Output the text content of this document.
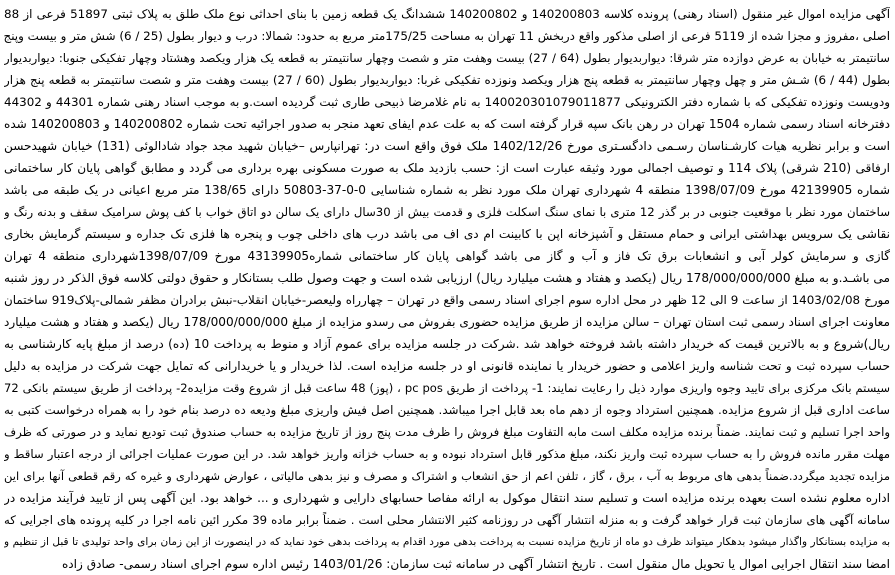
آگهی مزایده اموال غیر منقول (اسناد رهنی) پرونده کلاسه 140200803 و 140200802 ششدانگ یک قطعه زمین با بنای احداثی نوع ملک طلق به پلاک ثبتی 51897 فرعی از 88
اصلی ،مفروز و مجزا شده از 5119 فرعی از اصلی مذکور واقع دربخش 11 تهران به مساحت 175/25متر مربع به حدود: شمالا: درب و دیوار بطول (25 / 6) شش متر و بیست وپنج
سانتیمتر به خیابان به عرض دوازده متر شرقا: دیواربدیوار بطول (64 / 27) بیست وهفت متر و شصت وچهار سانتیمتر به قطعه یک هزار ویکصد وهشتاد وچهار تفکیکی جنوبا: دیواربدیوار
بطول (44 / 6) شـش متر و چهل وچهار سانتیمتر به قطعه پنج هزار ویکصد ونوزده تفکیکی غربا: دیواربدیوار بطول (60 / 27) بیست وهفت متر و شصت سانتیمتر به قطعه پنج هزار
ودویست ونوزده تفکیکی که با شماره دفتر الکترونیکی 140020301079011877 به نام غلامرضا ذبیحی طاری ثبت گردیده است.و به موجب اسناد رهنی شماره 44301 و 44302
دفترخانه اسناد رسمی شماره 1504 تهران در رهن بانک سپه قرار گرفته است که به علت عدم ایفای تعهد منجر به صدور اجرائیه تحت شماره 140200802 و 140200803 شده
است و برابر نظریه هیات کارشـناسان رسـمی دادگسـتری مورخ 1402/12/26 ملک فوق واقع است در: تهرانپارس –خیابان شهید مجد جواد شادالوئی (131) خیابان شهیدحسن
ارفاقی (210 شرقی) پلاک 114 و توصیف اجمالی مورد وثیقه عبارت است از: حسب بازدید ملک به صورت مسکونی بهره برداری می گردد و مطابق گواهی پایان کار ساختمانی
شماره 42139905 مورخ 1398/07/09 منطقه 4 شهرداری تهران ملک مورد نظر به شماره شناسایی 0-0-37-50803 دارای 138/65 متر مربع اعیانی در یک طبقه می باشد
ساختمان مورد نظر با موقعیت جنوبی در بر گذر 12 متری با نمای سنگ اسکلت فلزی و قدمت بیش از 30سال دارای یک سالن دو اتاق خواب با کف پوش سرامیک سقف و بدنه رنگ و
نقاشی یک سرویس بهداشتی ایرانی و حمام مستقل و آشپزخانه اپن با کابینت ام دی اف می باشد درب های داخلی چوب و پنجره ها فلزی تک جداره و سیستم گرمایش بخاری
گازی و سرمایش کولر آبی و انشعابات برق تک فاز و آب و گاز می باشد گواهی پایان کار ساختمانی شماره43139905 مورخ 1398/07/09شهرداری منطقه 4 تهران
می باشـد.و به مبلغ 178/000/000/000 ریال (یکصد و هفتاد و هشت میلیارد ریال) ارزیابی شده است و جهت وصول طلب بستانکار و حقوق دولتی کلاسه فوق الذکر در روز شنبه
مورخ 1403/02/08 از ساعت 9 الی 12 ظهر در محل اداره سوم اجرای اسناد رسمی واقع در تهران – چهارراه ولیعصر-خیابان انقلاب-نبش برادران مظفر شمالی-پلاک919 ساختمان
معاونت اجرای اسناد رسمی ثبت استان تهران – سالن مزایده از طریق مزایده حضوری بفروش می رسدو مزایده از مبلغ 178/000/000/000 ریال (یکصد و هفتاد و هشت میلیارد
ریال)شروع و به بالاترین قیمت که خریدار داشته باشد فروخته خواهد شد .شرکت در جلسه مزایده برای عموم آزاد و منوط به پرداخت 10 (ده) درصد از مبلغ پایه کارشناسی به
حساب سپرده ثبت و تحت شناسه واریز اعلامی و حضور خریدار یا نماینده قانونی او در جلسه مزایده است. لذا خریدار و یا خریدارانی که تمایل جهت شرکت در مزایده به دلیل
سیستم بانک مرکزی برای تایید وجوه واریزی موارد ذیل را رعایت نمایند: 1- پرداخت از طریق pc pos ، (پوز) 48 ساعت قبل از شروع وقت مزایده2- پرداخت از طریق سیستم بانکی 72
ساعت اداری قبل از شروع مزایده. همچنین استرداد وجوه از دهم ماه بعد قابل اجرا میباشد. همچنین اصل فیش واریزی مبلغ ودیعه ده درصد بنام خود را به همراه درخواست کتبی به
واحد اجرا تسلیم و ثبت نمایند. ضمناً برنده مزایده مکلف است مابه التفاوت مبلغ فروش را ظرف مدت پنج روز از تاریخ مزایده به حساب صندوق ثبت تودیع نماید و در صورتی که ظرف
مهلت مقرر مانده فروش را به حساب سپرده ثبت واریز نکند، مبلغ مذکور قابل استرداد نبوده و به حساب خزانه واریز خواهد شد. در این صورت عملیات اجرائی از درجه اعتبار ساقط و
مزایده تجدید میگردد.ضمناً بدهی های مربوط به آب ، برق ، گاز ، تلفن اعم از حق انشعاب و اشتراک و مصرف و نیز بدهی مالیاتی ، عوارض شهرداری و غیره که رقم قطعی آنها برای این
اداره معلوم نشده است بعهده برنده مزایده است و تسلیم سند انتقال موکول به ارائه مفاصا حسابهای دارایی و شهرداری و ... خواهد بود. این آگهی پس از تایید فرآیند مزایده در
سامانه آگهی های سازمان ثبت قرار خواهد گرفت و به منزله انتشار آگهی در روزنامه کثیر الانتشار محلی است . ضمناً برابر ماده 39 مکرر ائین نامه اجرا در کلیه پرونده های اجرایی که
به مزایده بستانکار واگذار میشود بدهکار میتواند ظرف دو ماه از تاریخ مزایده نسبت به پرداخت بدهی مورد اقدام به پرداخت بدهی خود نماید که در اینصورت از این زمان برای واحد تولیدی تا قبل از تنظیم و
امضا سند انتقال اجرایی اموال یا تحویل مال منقول است . تاریخ انتشار آگهی در سامانه ثبت سازمان: 1403/01/26 رئیس اداره سوم اجرای اسناد رسمی- صادق زاده
